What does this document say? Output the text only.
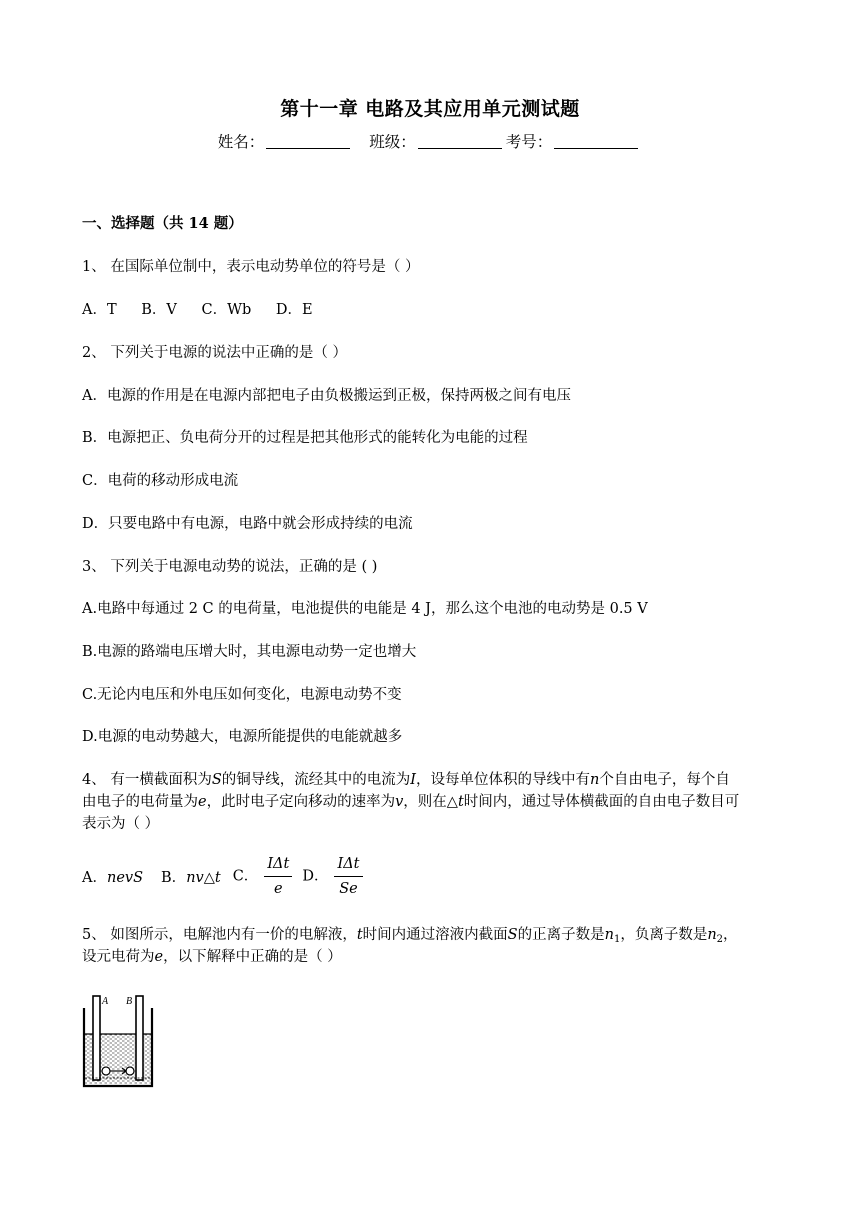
第十一章 电路及其应用单元测试题
姓名：	班级：	考号：
一、选择题（共 14 题）
1、 在国际单位制中，表示电动势单位的符号是（ ）
A．T B．V C．Wb D．E
2、 下列关于电源的说法中正确的是（ ）
A．电源的作用是在电源内部把电子由负极搬运到正极，保持两极之间有电压
B．电源把正、负电荷分开的过程是把其他形式的能转化为电能的过程
C．电荷的移动形成电流
D．只要电路中有电源，电路中就会形成持续的电流
3、 下列关于电源电动势的说法，正确的是 ( )
A.电路中每通过 2 C 的电荷量，电池提供的电能是 4 J，那么这个电池的电动势是 0.5 V
B.电源的路端电压增大时，其电源电动势一定也增大
C.无论内电压和外电压如何变化，电源电动势不变
D.电源的电动势越大，电源所能提供的电能就越多
4、 有一横截面积为S的铜导线，流经其中的电流为I，设每单位体积的导线中有n个自由电子，每个自
由电子的电荷量为e，此时电子定向移动的速率为v，则在△t时间内，通过导体横截面的自由电子数目可
表示为（ ）
A．nevS B．nv△t C． $\frac{\text{IΔt}}{e}$ D． $\frac{\text{IΔt}}{Se}$
5、 如图所示，电解池内有一价的电解液，t时间内通过溶液内截面S的正离子数是$n_1$，负离子数是$n_2$，
设元电荷为e，以下解释中正确的是（ ）
A B
